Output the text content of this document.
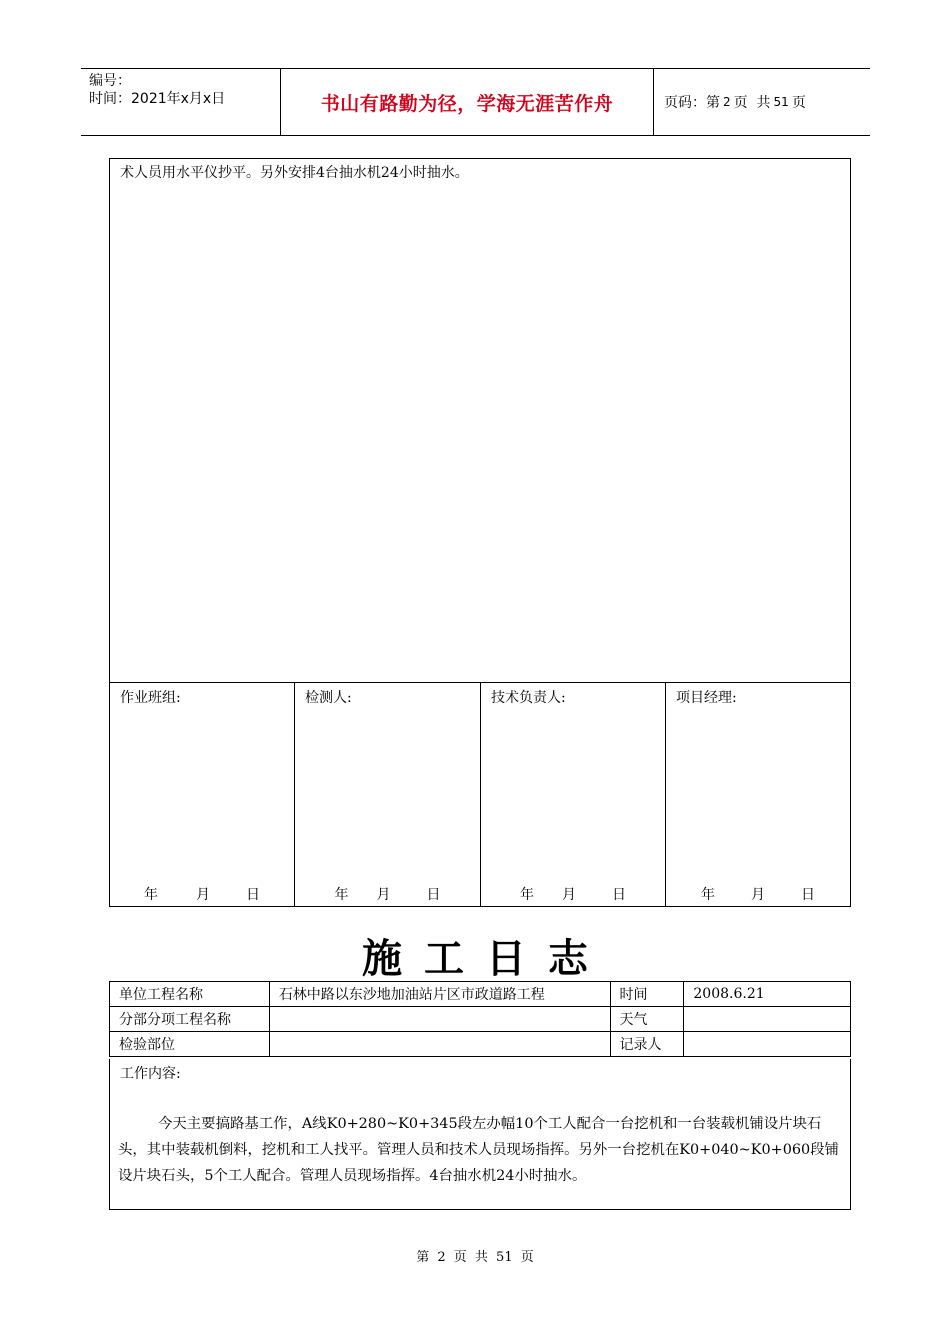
编号：
时间：2021年x月x日	书山有路勤为径，学海无涯苦作舟	页码：第 2 页  共 51 页
术人员用水平仪抄平。另外安排4台抽水机24小时抽水。
作业班组:
年	月	日
检测人:
年 月	日
技术负责人:
年 月	日
项目经理:
年	月	日
施工日志
单位工程名称	石林中路以东沙地加油站片区市政道路工程	时间	2008.6.21
分部分项工程名称		天气	
检验部位		记录人	
工作内容:
今天主要搞路基工作，A线K0+280~K0+345段左办幅10个工人配合一台挖机和一台装载机铺设片块石头，其中装载机倒料，挖机和工人找平。管理人员和技术人员现场指挥。另外一台挖机在K0+040~K0+060段铺设片块石头，5个工人配合。管理人员现场指挥。4台抽水机24小时抽水。
第 2 页 共 51 页
